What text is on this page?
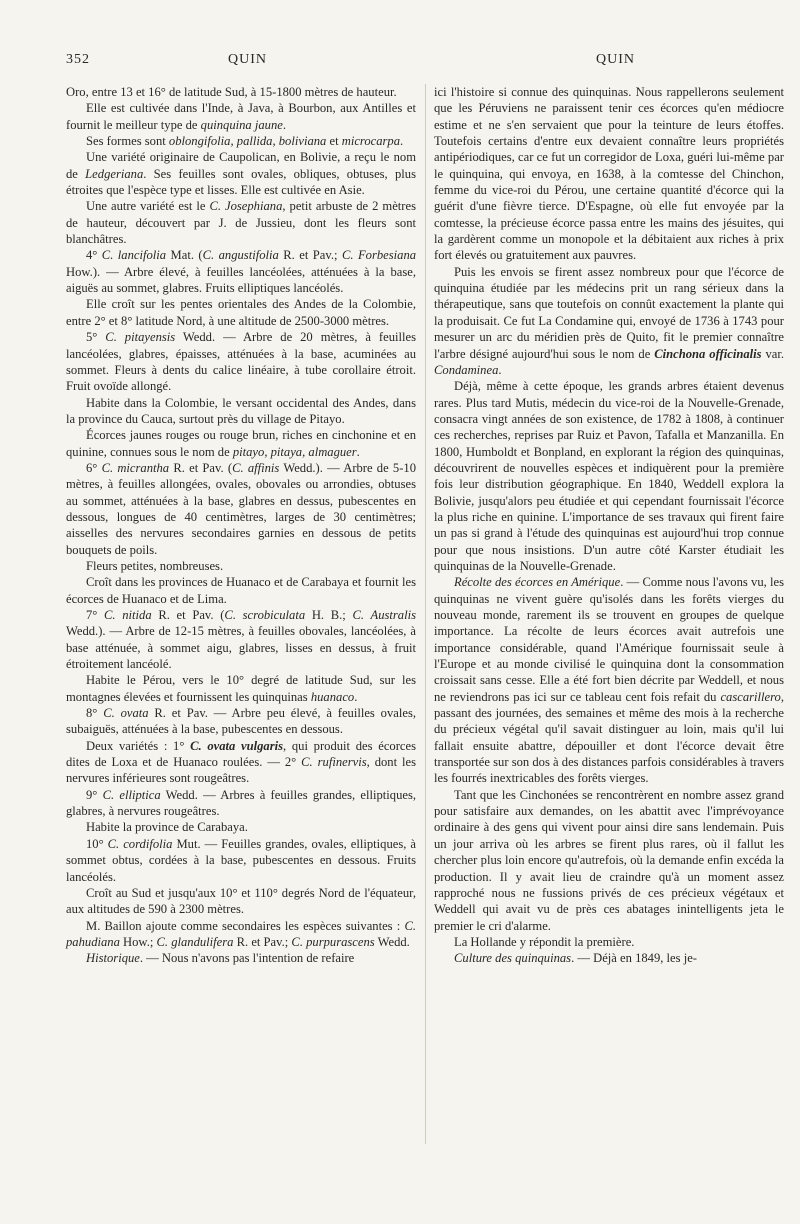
352	QUIN	QUIN

Oro, entre 13 et 16° de latitude Sud, à 15-1800 mètres de hauteur.

Elle est cultivée dans l'Inde, à Java, à Bourbon, aux Antilles et fournit le meilleur type de quinquina jaune.

Ses formes sont oblongifolia, pallida, boliviana et microcarpa.

Une variété originaire de Caupolican, en Bolivie, a reçu le nom de Ledgeriana. Ses feuilles sont ovales, obliques, obtuses, plus étroites que l'espèce type et lisses. Elle est cultivée en Asie.

Une autre variété est le C. Josephiana, petit arbuste de 2 mètres de hauteur, découvert par J. de Jussieu, dont les fleurs sont blanchâtres.

4° C. lancifolia Mat. (C. angustifolia R. et Pav.; C. Forbesiana How.). — Arbre élevé, à feuilles lancéolées, atténuées à la base, aiguës au sommet, glabres. Fruits elliptiques lancéolés.

Elle croît sur les pentes orientales des Andes de la Colombie, entre 2° et 8° latitude Nord, à une altitude de 2500-3000 mètres.

5° C. pitayensis Wedd. — Arbre de 20 mètres, à feuilles lancéolées, glabres, épaisses, atténuées à la base, acuminées au sommet. Fleurs à dents du calice linéaire, à tube corollaire étroit. Fruit ovoïde allongé.

Habite dans la Colombie, le versant occidental des Andes, dans la province du Cauca, surtout près du village de Pitayo.

Écorces jaunes rouges ou rouge brun, riches en cinchonine et en quinine, connues sous le nom de pitayo, pitaya, almaguer.

6° C. micrantha R. et Pav. (C. affinis Wedd.). — Arbre de 5-10 mètres, à feuilles allongées, ovales, obovales ou arrondies, obtuses au sommet, atténuées à la base, glabres en dessus, pubescentes en dessous, longues de 40 centimètres, larges de 30 centimètres; aisselles des nervures secondaires garnies en dessous de petits bouquets de poils.

Fleurs petites, nombreuses.

Croît dans les provinces de Huanaco et de Carabaya et fournit les écorces de Huanaco et de Lima.

7° C. nitida R. et Pav. (C. scrobiculata H. B.; C. Australis Wedd.). — Arbre de 12-15 mètres, à feuilles obovales, lancéolées, à base atténuée, à sommet aigu, glabres, lisses en dessus, à fruit étroitement lancéolé.

Habite le Pérou, vers le 10° degré de latitude Sud, sur les montagnes élevées et fournissent les quinquinas huanaco.

8° C. ovata R. et Pav. — Arbre peu élevé, à feuilles ovales, subaiguës, atténuées à la base, pubescentes en dessous.

Deux variétés : 1° C. ovata vulgaris, qui produit des écorces dites de Loxa et de Huanaco roulées. — 2° C. rufinervis, dont les nervures inférieures sont rougeâtres.

9° C. elliptica Wedd. — Arbres à feuilles grandes, elliptiques, glabres, à nervures rougeâtres.

Habite la province de Carabaya.

10° C. cordifolia Mut. — Feuilles grandes, ovales, elliptiques, à sommet obtus, cordées à la base, pubescentes en dessous. Fruits lancéolés.

Croît au Sud et jusqu'aux 10° et 110° degrés Nord de l'équateur, aux altitudes de 590 à 2300 mètres.

M. Baillon ajoute comme secondaires les espèces suivantes : C. pahudiana How.; C. glandulifera R. et Pav.; C. purpurascens Wedd.

Historique. — Nous n'avons pas l'intention de refaire

ici l'histoire si connue des quinquinas. Nous rappellerons seulement que les Péruviens ne paraissent tenir ces écorces qu'en médiocre estime et ne s'en servaient que pour la teinture de leurs étoffes. Toutefois certains d'entre eux devaient connaître leurs propriétés antipériodiques, car ce fut un corregidor de Loxa, guéri lui-même par le quinquina, qui envoya, en 1638, à la comtesse del Chinchon, femme du vice-roi du Pérou, une certaine quantité d'écorce qui la guérit d'une fièvre tierce. D'Espagne, où elle fut envoyée par la comtesse, la précieuse écorce passa entre les mains des jésuites, qui la gardèrent comme un monopole et la débitaient aux riches à prix fort élevés ou gratuitement aux pauvres.

Puis les envois se firent assez nombreux pour que l'écorce de quinquina étudiée par les médecins prit un rang sérieux dans la thérapeutique, sans que toutefois on connût exactement la plante qui la produisait. Ce fut La Condamine qui, envoyé de 1736 à 1743 pour mesurer un arc du méridien près de Quito, fit le premier connaître l'arbre désigné aujourd'hui sous le nom de Cinchona officinalis var. Condaminea.

Déjà, même à cette époque, les grands arbres étaient devenus rares. Plus tard Mutis, médecin du vice-roi de la Nouvelle-Grenade, consacra vingt années de son existence, de 1782 à 1808, à continuer ces recherches, reprises par Ruiz et Pavon, Tafalla et Manzanilla. En 1800, Humboldt et Bonpland, en explorant la région des quinquinas, découvrirent de nouvelles espèces et indiquèrent pour la première fois leur distribution géographique. En 1840, Weddell explora la Bolivie, jusqu'alors peu étudiée et qui cependant fournissait l'écorce la plus riche en quinine. L'importance de ses travaux qui firent faire un pas si grand à l'étude des quinquinas est aujourd'hui trop connue pour que nous insistions. D'un autre côté Karster étudiait les quinquinas de la Nouvelle-Grenade.

Récolte des écorces en Amérique. — Comme nous l'avons vu, les quinquinas ne vivent guère qu'isolés dans les forêts vierges du nouveau monde, rarement ils se trouvent en groupes de quelque importance. La récolte de leurs écorces avait autrefois une importance considérable, quand l'Amérique fournissait seule à l'Europe et au monde civilisé le quinquina dont la consommation croissait sans cesse. Elle a été fort bien décrite par Weddell, et nous ne reviendrons pas ici sur ce tableau cent fois refait du cascarillero, passant des journées, des semaines et même des mois à la recherche du précieux végétal qu'il savait distinguer au loin, mais qu'il lui fallait ensuite abattre, dépouiller et dont l'écorce devait être transportée sur son dos à des distances parfois considérables à travers les fourrés inextricables des forêts vierges.

Tant que les Cinchonées se rencontrèrent en nombre assez grand pour satisfaire aux demandes, on les abattit avec l'imprévoyance ordinaire à des gens qui vivent pour ainsi dire sans lendemain. Puis un jour arriva où les arbres se firent plus rares, où il fallut les chercher plus loin encore qu'autrefois, où la demande enfin excéda la production. Il y avait lieu de craindre qu'à un moment assez rapproché nous ne fussions privés de ces précieux végétaux et Weddell qui avait vu de près ces abatages inintelligents jeta le premier le cri d'alarme.

La Hollande y répondit la première.

Culture des quinquinas. — Déjà en 1849, les je-
